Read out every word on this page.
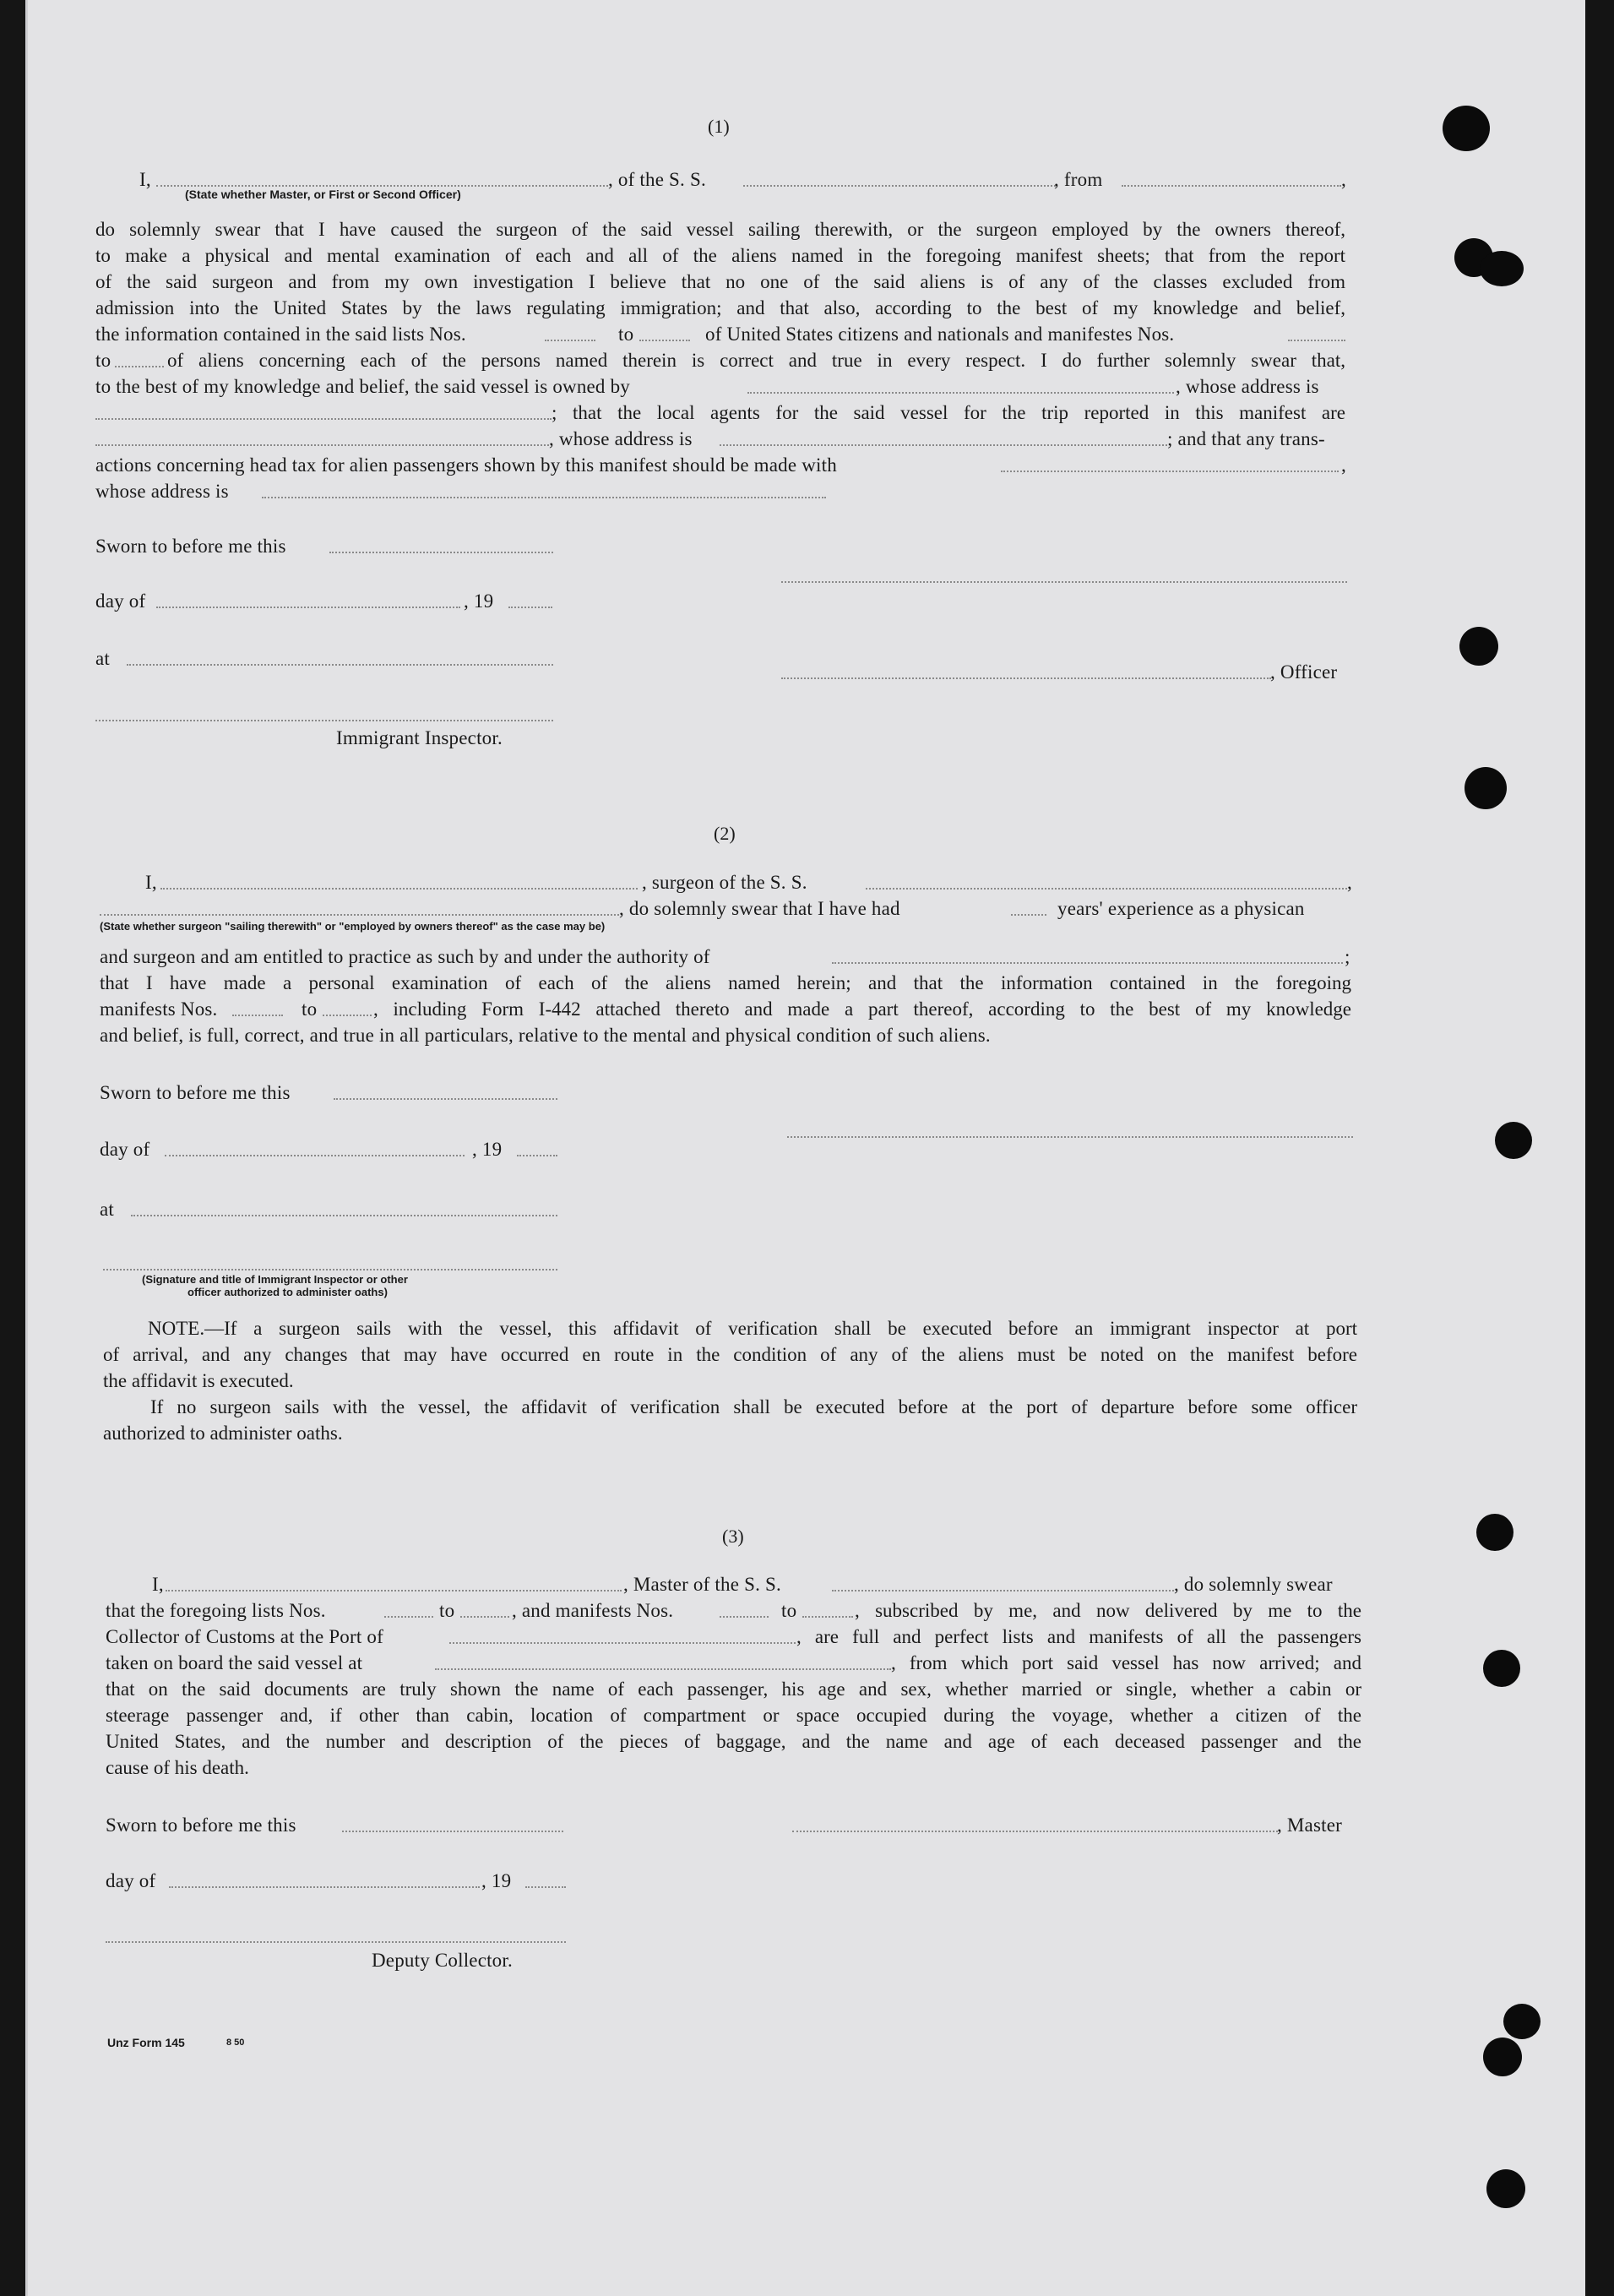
(1)
I,
(State whether Master, or First or Second Officer)
, of the S. S.	, from	,
do solemnly swear that I have caused the surgeon of the said vessel sailing therewith, or the surgeon employed by the owners thereof,
to make a physical and mental examination of each and all of the aliens named in the foregoing manifest sheets; that from the report
of the said surgeon and from my own investigation I believe that no one of the said aliens is of any of the classes excluded from
admission into the United States by the laws regulating immigration; and that also, according to the best of my knowledge and belief,
the information contained in the said lists Nos.	to	of United States citizens and nationals and manifestes Nos.
to	of aliens concerning each of the persons named therein is correct and true in every respect. I do further solemnly swear that,
to the best of my knowledge and belief, the said vessel is owned by	, whose address is
; that the local agents for the said vessel for the trip reported in this manifest are
, whose address is	; and that any trans-
actions concerning head tax for alien passengers shown by this manifest should be made with	,
whose address is
Sworn to before me this
day of	, 19
at
, Officer
Immigrant Inspector.
(2)
I,	, surgeon of the S. S.	,
, do solemnly swear that I have had	years' experience as a physican
(State whether surgeon "sailing therewith" or "employed by owners thereof" as the case may be)
and surgeon and am entitled to practice as such by and under the authority of	;
that I have made a personal examination of each of the aliens named herein; and that the information contained in the foregoing
manifests Nos.	to	, including Form I-442 attached thereto and made a part thereof, according to the best of my knowledge
and belief, is full, correct, and true in all particulars, relative to the mental and physical condition of such aliens.
Sworn to before me this
day of	, 19
at
(Signature and title of Immigrant Inspector or other
officer authorized to administer oaths)
NOTE.—If a surgeon sails with the vessel, this affidavit of verification shall be executed before an immigrant inspector at port
of arrival, and any changes that may have occurred en route in the condition of any of the aliens must be noted on the manifest before
the affidavit is executed.
If no surgeon sails with the vessel, the affidavit of verification shall be executed before at the port of departure before some officer
authorized to administer oaths.
(3)
I,	, Master of the S. S.	, do solemnly swear
that the foregoing lists Nos.	to	, and manifests Nos.	to	, subscribed by me, and now delivered by me to the
Collector of Customs at the Port of	, are full and perfect lists and manifests of all the passengers
taken on board the said vessel at	, from which port said vessel has now arrived; and
that on the said documents are truly shown the name of each passenger, his age and sex, whether married or single, whether a cabin or
steerage passenger and, if other than cabin, location of compartment or space occupied during the voyage, whether a citizen of the
United States, and the number and description of the pieces of baggage, and the name and age of each deceased passenger and the
cause of his death.
Sworn to before me this	, Master
day of	, 19
Deputy Collector.
Unz Form 145	8 50
